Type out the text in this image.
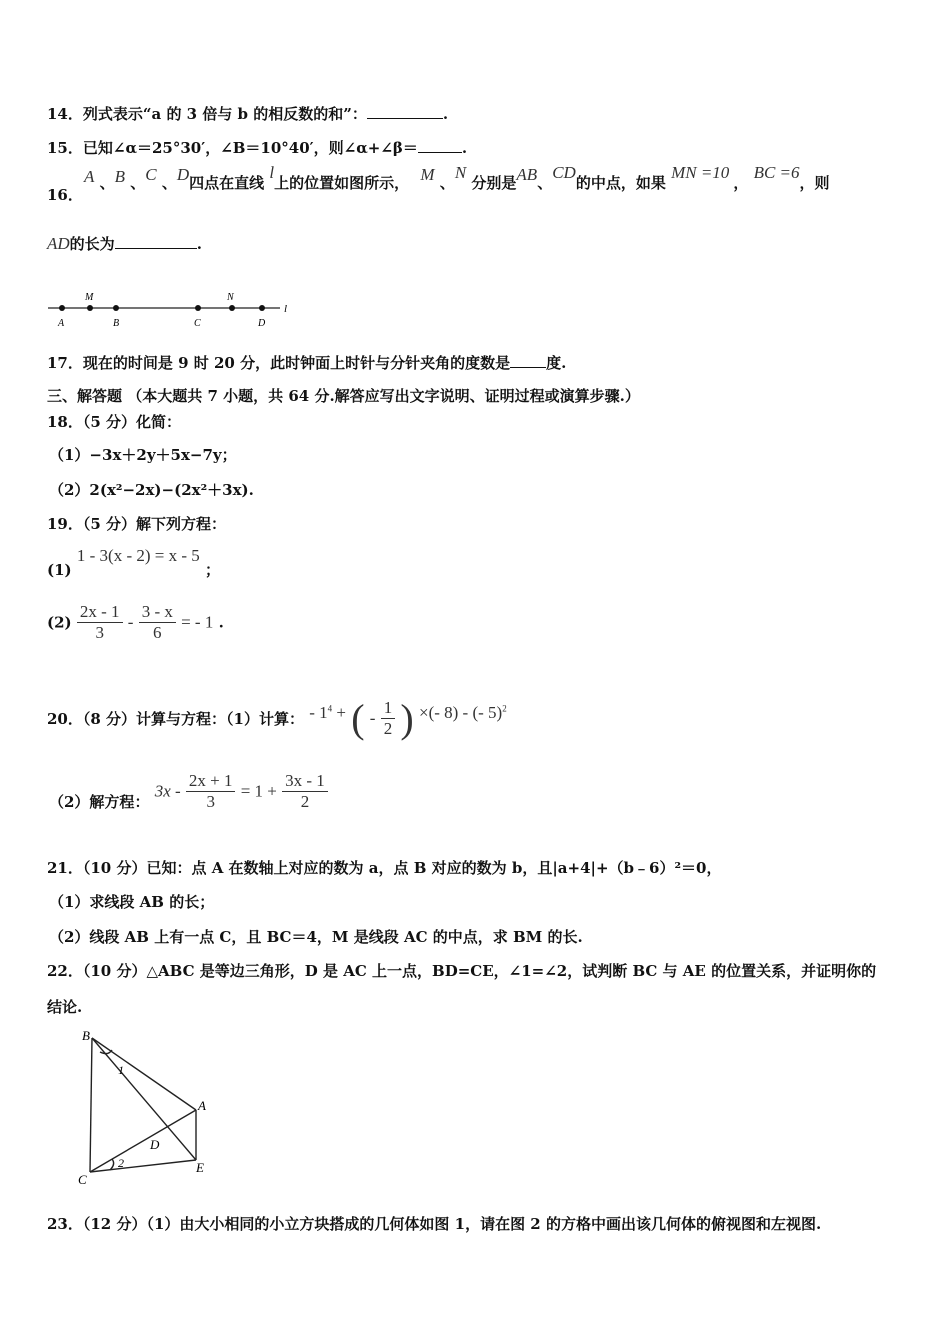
14．列式表示“a 的 3 倍与 b 的相反数的和”：	.
15．已知∠α＝25°30′，∠B＝10°40′，则∠α+∠β＝	.
16．
A 、B 、C 、D四点在直线 l上的位置如图所示， M 、N 分别是AB、CD的中点，如果 MN =10， BC =6，则
AD的长为	.
A
M
B	C
N
D
l
17．现在的时间是 9 时 20 分，此时钟面上时针与分针夹角的度数是 度.
三、解答题 （本大题共 7 小题，共 64 分.解答应写出文字说明、证明过程或演算步骤.）
18．（5 分）化简：
（1）−3x＋2y＋5x−7y；
（2）2(x²−2x)−(2x²＋3x).
19．（5 分）解下列方程：
(1) 1 - 3(x - 2) = x - 5 ；
$(2) \frac{2x - 1}{3} - \frac{3 - x}{6}$ = - 1 .
20．（8 分）计算与方程：（1）计算： - $1^4$ + ( - $\frac{1}{2}$ ) ×(- 8) - (- 5)$^2$
（2）解方程： $3x - \frac{2x + 1}{3} = 1 + \frac{3x - 1}{2}$
21．（10 分）已知：点 A 在数轴上对应的数为 a，点 B 对应的数为 b，且|a+4|+（b﹣6）²＝0，
（1）求线段 AB 的长；
（2）线段 AB 上有一点 C，且 BC＝4，M 是线段 AC 的中点，求 BM 的长.
22．（10 分）△ABC 是等边三角形，D 是 AC 上一点，BD=CE，∠1=∠2，试判断 BC 与 AE 的位置关系，并证明你的
结论.
B
A
D
C
E
1
2
23．（12 分）（1）由大小相同的小立方块搭成的几何体如图 1，请在图 2 的方格中画出该几何体的俯视图和左视图.
